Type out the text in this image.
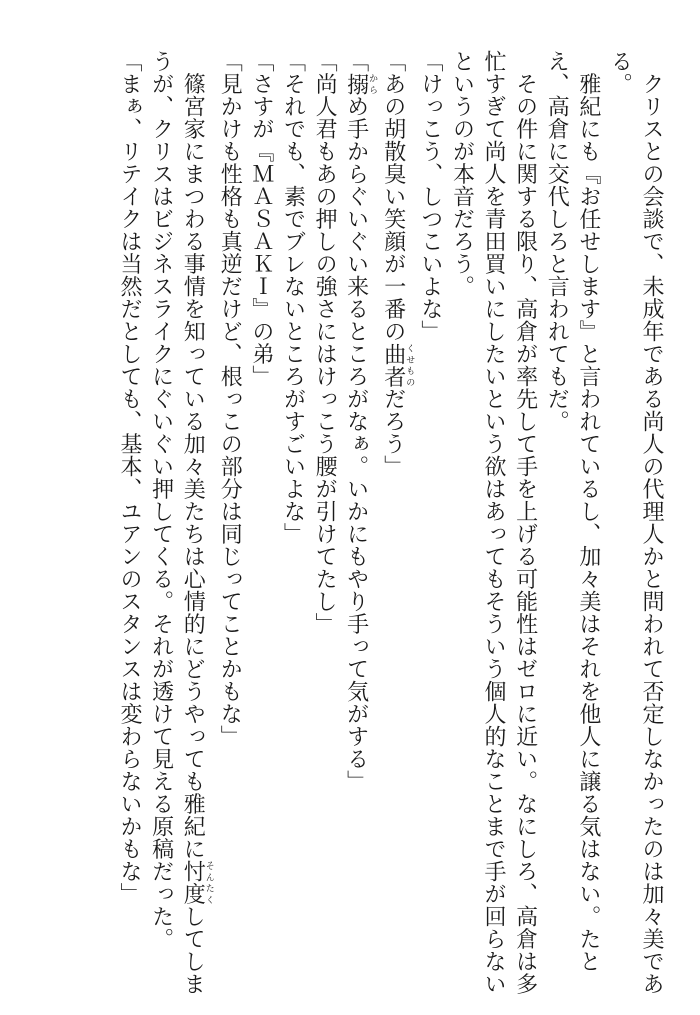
　クリスとの会談で、未成年である尚人の代理人かと問われて否定しなかったのは加々美であ
る。
　雅紀にも『お任せします』と言われているし、加々美はそれを他人に譲る気はない。たと
え、高倉に交代しろと言われてもだ。
　その件に関する限り、高倉が率先して手を上げる可能性はゼロに近い。なにしろ、高倉は多
忙すぎて尚人を青田買いにしたいという欲はあってもそういう個人的なことまで手が回らない
というのが本音だろう。
「けっこう、しつこいよな」
「あの胡散臭い笑顔が一番の曲者くせものだろう」
「搦からめ手からぐいぐい来るところがなぁ。いかにもやり手って気がする」
「尚人君もあの押しの強さにはけっこう腰が引けてたし」
「それでも、素でブレないところがすごいよな」
「さすが『ＭＡＳＡＫＩ』の弟」
「見かけも性格も真逆だけど、根っこの部分は同じってことかもな」
　篠宮家にまつわる事情を知っている加々美たちは心情的にどうやっても雅紀に忖度そんたくしてしま
うが、クリスはビジネスライクにぐいぐい押してくる。それが透けて見える原稿だった。
「まぁ、リテイクは当然だとしても、基本、ユアンのスタンスは変わらないかもな」
